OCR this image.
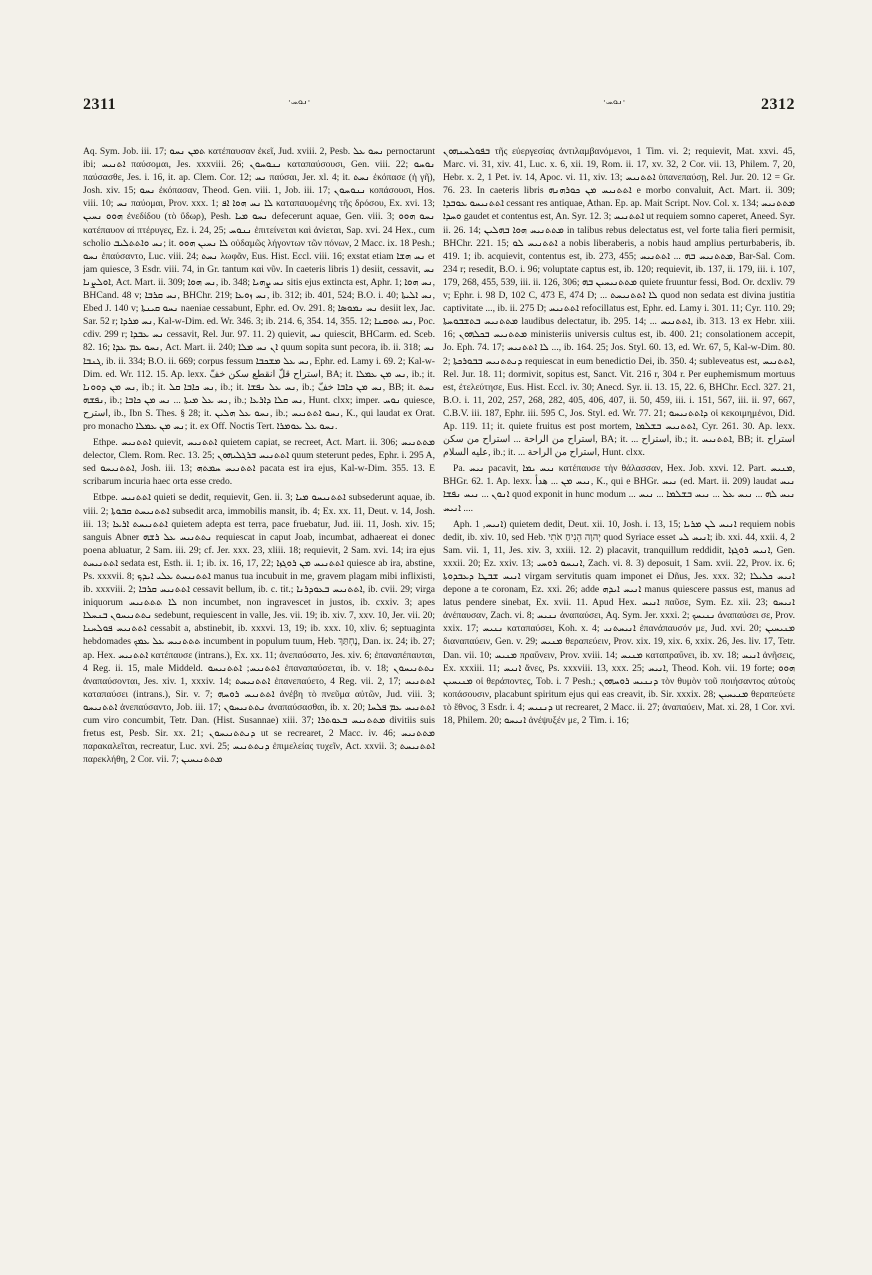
2311	·ܢܘܚ·	·ܢܘܚ·	2312

Aq. Sym. Job. iii. 17; ܬܡܢ ܢܚܘ κατέπαυσαν ἐκεῖ, Jud. xviii. 2, Pesb. ܢܚܘ ܥܠ pernoctarunt ibi; ܐܬܢܝܚ παύσομαι, Jes. xxxviii. 26; ܢܢܘܚܘܢ καταπαύσουσι, Gen. viii. 22; ܢܘܚܘ παύσασθε, Jes. i. 16, it. ap. Clem. Cor. 12; ܢܚ παύσαι, Jer. xl. 4; it. ܢܚܬ ἐκόπασε (ἡ γῆ), Josh. xiv. 15; ܢܚܘ ἐκόπασαν, Theod. Gen. viii. 1, Job. iii. 17; ܢܢܘܚܘܢ κοπάσουσι, Hos. viii. 10; ܢܚ παύομαι, Prov. xxx. 1; ܠܐ ܢܚ ܗܘܐ ܐܦ καταπαυομένης τῆς δρόσου, Ex. xvi. 13; ܗܘܘ ܢܚܝܢ ἐνεδίδου (τὸ ὕδωρ), Pesh. ܢܚܘ ܡܝܐ defecerunt aquae, Gen. viii. 3; ܢܚܘ ܗܘܘ κατέπαυον αἱ πτέρυγες, Ez. i. 24, 25; ܢܢܘܚ ἐπιτείνεται καὶ ἀνίεται, Sap. xvi. 24 Hex., cum scholio ܢܚ ܘܐܬܬܠܝܒ; it. ܠܐ ܢܚܝܢ ܗܘܘ οὐδαμῶς λήγοντων τῶν πόνων, 2 Macc. ix. 18 Pesh.; ܢܚܘ ἐπαύσαντο, Luc. viii. 24; ܢܚܬ λωφᾶν, Eus. Hist. Eccl. viii. 16; exstat etiam ܢܚ ܗܫܐ et jam quiesce, 3 Esdr. viii. 74, in Gr. tantum καὶ νῦν. In caeteris libris 1) desiit, cessavit, ܢܚ ܐܘܠܨܢܐ, Act. Mart. ii. 309; ܢܚ ܗܘܐ, ib. 348; ܢܚ ܨܗܝܐ sitis ejus extincta est, Aphr. 1; ܢܚ ܗܘܐ, BHCand. 48 v; ܢܚ ܩܪܒܐ, BHChr. 219; ܢܚ ܙܘܥܐ, ib. 312; ib. 401, 524; B.O. i. 40; ܢܚ ܐܠܝܬܐ, Ebed J. 140 v; ܢܚܘ ܩܝܢܬܐ naeniae cessabunt, Ephr. ed. Ov. 291. 8; ܢܚ ܢܡܘܣܐ desiit lex, Jac. Sar. 52 r; ܢܚ ܡܪܕܐ, Kal-w-Dim. ed. Wr. 346. 3; ib. 214. 6, 354. 14, 355. 12; ܢܚ ܬܘܩܢܐ, Poc. cdiv. 299 r; ܢܚ ܥܒܕܐ cessavit, Rel. Jur. 97. 11. 2) quievit, ܢܚ quiescit, BHCarm. ed. Sceb. 82. 16; ܢܚܘ ܥܡ ܥܕܐ, Act. Mart. ii. 240; ܐܢ ܢܚ ܡܠܐ quum sopita sunt pecora, ib. ii. 318; ܢܚ ܓܢܒܐ, ib. ii. 334; B.O. ii. 669; corpus fessum ܢܚ ܥܠ ܡܫܟܒܐ, Ephr. ed. Lamy i. 69. 2; Kal-w-Dim. ed. Wr. 112. 15. Ap. lexx. استراح قلّ انقطع سكن خفّ, BA; it. ܢܚ ܡܢ ܥܡܠܐ, ib.; it. ܢܚ ܡܢ ܕܘܘܢܐ, ib.; it. ܢܚ ܟܐܒܐ ܩܠ, ib.; it. ܢܚ ܥܠ ܢܦܫܐ, ib.; ܢܚ ܡܢ ܟܐܒܐ خفّ, BB; it. ܢܚܬ ܢܦܫܗ, ib.; ܢܚ ܥܠ ܡܝܬܐ ... ܢܚ ܡܢ ܟܐܒܐ, ib.; ܢܚ ܩܠܐ ܕܐܪܥܐ, Hunt. clxx; imper. ܢܘܚ quiesce, استرح, ib., Ibn S. Thes. § 28; it. ܢܚܘ ܥܠ ܗܠܝܢ, ib.; ܢܚܘ ܐܬܬܢܝܚ, K., qui laudat ex Orat. pro monacho ܢܚ ܡܢ ܥܡܠܐ; it. ex Off. Noctis Tert. ܢܚܘ ܥܠ ܥܘܡܪܐ.

Ethpe. ܐܬܬܢܝܚ quievit, ܐܬܬܢܝܚ quietem capiat, se recreet, Act. Mart. ii. 306; ܡܬܬܢܝܚ delector, Clem. Rom. Rec. 13. 25; ܐܬܬܢܝܚ ܒܪܓܠܝܗܘܢ quum steterunt pedes, Ephr. i. 295 A, sed ܐܬܬܢܝܚܘ, Josh. iii. 13; ܐܬܬܢܝܚ ܚܡܬܗ pacata est ira ejus, Kal-w-Dim. 355. 13. E scribarum incuria haec orta esse credo.

Etbpe. ܐܬܬܢܝܚ quieti se dedit, requievit, Gen. ii. 3; ܐܬܬܢܝܚܘ ܡܝܐ subsederunt aquae, ib. viii. 2; ܐܬܬܢܝܚܬ ܩܒܘܬܐ subsedit arca, immobilis mansit, ib. 4; Ex. xx. 11, Deut. v. 14, Josh. iii. 13; ܐܬܬܢܝܚܬ ܐܪܥܐ quietem adepta est terra, pace fruebatur, Jud. iii. 11, Josh. xiv. 15; sanguis Abner ܢܬܬܢܝܚ ܥܠ ܪܫܗ requiescat in caput Joab, incumbat, adhaereat ei donec poena abluatur, 2 Sam. iii. 29; cf. Jer. xxx. 23, xliii. 18; requievit, 2 Sam. xvi. 14; ira ejus ܐܬܬܢܝܚܬ sedata est, Esth. ii. 1; ib. ix. 16, 17, 22; ܐܬܬܢܝܚ ܡܢ ܪܘܓܙܐ quiesce ab ira, abstine, Ps. xxxvii. 8; ܐܬܬܢܝܚܬ ܥܠܝ ܐܝܕܟ manus tua incubuit in me, gravem plagam mibi inflixisti, ib. xxxviii. 2; ܐܬܬܢܝܚ ܩܪܒܐ cessavit bellum, ib. c. tit.; ܐܬܬܢܝܚ ܒܥܘܕܪܢܐ, ib. cvii. 29; virga iniquorum ܠܐ ܬܬܬܢܝܚ non incumbet, non ingravescet in justos, ib. cxxiv. 3; apes ܢܬܬܢܝܚܘܢ ܒܢܚܠܐ sedebunt, requiescent in valle, Jes. vii. 19; ib. xiv. 7, xxv. 10, Jer. vii. 20; ܐܬܬܢܝܚ ܦܘܠܚܢܐ cessabit a, abstinebit, ib. xxxvi. 13, 19; ib. xxx. 10, xliv. 6; septuaginta hebdomades ܬܬܬܢܝܚ ܥܠ ܥܡܟ incumbent in populum tuum, Heb. נֶחְתַּךְ, Dan. ix. 24; ib. 27; ap. Hex. ܐܬܬܢܝܚ κατέπαυσε (intrans.), Ex. xx. 11; ἀνεπαύσατο, Jes. xiv. 6; ἐπαναπέπαυται, 4 Reg. ii. 15, male Middeld. ܐܬܬܢܝܚ; ܐܬܬܢܝܚܘ ἐπαναπαύσεται, ib. v. 18; ܢܬܬܢܝܚܘܢ ἀναπαύσονται, Jes. xiv. 1, xxxiv. 14; ܐܬܬܢܝܚܬ ἐπανεπαύετο, 4 Reg. vii. 2, 17; ܐܬܬܢܝܚ καταπαύσει (intrans.), Sir. v. 7; ܐܬܬܢܝܚ ܪܘܚܗ ἀνέβη τὸ πνεῦμα αὐτῶν, Jud. viii. 3; ܐܬܬܢܝܚܘ ἀνεπαύσαντο, Job. iii. 17; ܢܬܬܢܝܚܘܢ ἀναπαύσασθαι, ib. x. 20; ܐܬܬܢܝܚ ܥܡ ܦܠܚܐ cum viro concumbit, Tetr. Dan. (Hist. Susannae) xiii. 37; ܡܬܬܢܝܚ ܒܥܘܬܪܐ divitiis suis fretus est, Pesb. Sir. xx. 21; ܕܢܬܬܢܝܚܘܢ ut se recrearet, 2 Macc. iv. 46; ܡܬܬܢܝܚ παρακαλεῖται, recreatur, Luc. xvi. 25; ܕܢܬܬܢܝܚ ἐπιμελείας τυχεῖν, Act. xxvii. 3; ܐܬܬܢܝܚܬ παρεκλήθη, 2 Cor. vii. 7; ܡܬܬܢܝܚܝܢ

ܒܦܘܠܚܢܗܘܢ τῆς εὐεργεσίας ἀντιλαμβανόμενοι, 1 Tim. vi. 2; requievit, Mat. xxvi. 45, Marc. vi. 31, xiv. 41, Luc. x. 6, xii. 19, Rom. ii. 17, xv. 32, 2 Cor. vii. 13, Philem. 7, 20, Hebr. x. 2, 1 Pet. iv. 14, Apoc. vi. 11, xiv. 13; ܐܬܬܢܝܚ ὑπανεπαύσῃ, Rel. Jur. 20. 12 = Gr. 76. 23. In caeteris libris ܐܬܬܢܝܚ ܡܢ ܟܘܪܗܢܗ e morbo convaluit, Act. Mart. ii. 309; ܐܬܬܢܝܚܘ ܥܘܒܕܐ cessant res antiquae, Athan. Ep. ap. Mait Script. Nov. Col. x. 134; ܡܬܬܢܝܚ ܘܚܕܐ gaudet et contentus est, An. Syr. 12. 3; ܐܬܬܢܝܚ ut requiem somno caperet, Aneed. Syr. ii. 26. 14; ܡܬܬܢܝܚ ܗܘܐ ܒܗܠܝܢ in talibus rebus delectatus est, vel forte talia fieri permisit, BHChr. 221. 15; ܐܬܬܢܝܚ ܠܘ a nobis liberaberis, a nobis haud amplius perturbaberis, ib. 419. 1; ib. acquievit, contentus est, ib. 273, 455; ܡܬܬܢܝܚ ܒܗ ... ܐܬܬܢܝܚ, Bar-Sal. Com. 234 r; resedit, B.O. i. 96; voluptate captus est, ib. 120; requievit, ib. 137, ii. 179, iii. i. 107, 179, 268, 455, 539, iii. ii. 126, 306; ܡܬܬܢܝܚܝܢ ܒܗ quiete fruuntur fessi, Bod. Or. dcxliv. 79 v; Ephr. i. 98 D, 102 C, 473 E, 474 D; ... ܠܐ ܐܬܬܢܝܚܬ quod non sedata est divina justitia captivitate ..., ib. ii. 275 D; ܐܬܬܢܝܚ refocillatus est, Ephr. ed. Lamy i. 301. 11; Cyr. 110. 29; ܡܬܬܢܝܚ ܒܬܫܒܘܚܬܐ laudibus delectatur, ib. 295. 14; ... ܐܬܬܢܝܚ, ib. 313. 13 ex Hebr. xiii. 16; ܡܬܬܢܝܚ ܒܟܠܗܘܢ ministeriis universis cultus est, ib. 400. 21; consolationem accepit, Jo. Eph. 74. 17; ܠܐ ܐܬܬܢܝܚ ..., ib. 164. 25; Jos. Styl. 60. 13, ed. Wr. 67, 5, Kal-w-Dim. 80. 2; ܕܢܬܬܢܝܚ ܒܒܘܪܟܬܐ requiescat in eum benedictio Dei, ib. 350. 4; subleveatus est, ܐܬܬܢܝܚ, Rel. Jur. 18. 11; dormivit, sopitus est, Sanct. Vit. 216 r, 304 r. Per euphemismum mortuus est, ἐτελεύτησε, Eus. Hist. Eccl. iv. 30; Anecd. Syr. ii. 13. 15, 22. 6, BHChr. Eccl. 327. 21, B.O. i. 11, 202, 257, 268, 282, 405, 406, 407, ii. 50, 459, iii. i. 151, 567, iii. ii. 97, 667, C.B.V. iii. 187, Ephr. iii. 595 C, Jos. Styl. ed. Wr. 77. 21; ܕܐܬܬܢܝܚܘ οἱ κεκοιμημένοι, Did. Ap. 119. 11; it. quiete fruitus est post mortem, ܐܬܬܢܝܚ ܒܫܠܡܐ, Cyr. 261. 30. Ap. lexx. استراح من الراحة ... استراح من سكن, BA; it. ... استراح, ib.; it. ܐܬܬܢܝܚ, BB; it. استراح عليه السلام, ib.; it. ... استراح من الراحة, Hunt. clxx.

Pa. ܢܝܚ pacavit, ܢܝܚ ܝܡܐ κατέπαυσε τὴν θάλασσαν, Hex. Job. xxvi. 12. Part. ܡܢܝܚ, BHGr. 62. 1. Ap. lexx. ܢܝܚ ܡܢ ... هدأ, K., qui e BHGr. ܢܝܚ (ed. Mart. ii. 209) laudat ܢܝܚ ܐܢܘܢ ... ܢܝܚ ܢܦܫܐ quod exponit in hunc modum ... ܢܝܚ ܠܗ ... ܢܝܚ ܥܠ ... ܢܝܚ ܒܫܠܡܐ ... ܢܝܚ ... ܐܢܝܚ.

Aph. ܐܢܝܚ, 1) quietem dedit, Deut. xii. 10, Josh. i. 13, 15; ܐܢܝܚ ܠܢ ܡܪܝܐ requiem nobis dedit, ib. xiv. 10, sed Heb. יְהוָה הֵנִיחַ אֹתִי quod Syriace esset ܐܢܝܚ ܠܝ; ib. xxi. 44, xxii. 4, 2 Sam. vii. 1, 11, Jes. xiv. 3, xxiii. 12. 2) placavit, tranquillum reddidit, ܐܢܝܚ ܪܘܓܙܐ, Gen. xxxii. 20; Ez. xxiv. 13; ܐܢܝܚܘ ܪܘܚܝ, Zach. vi. 8. 3) deposuit, 1 Sam. xvii. 22, Prov. ix. 6; ܐܢܝܚ ܫܒܛܐ ܕܥܒܕܘܬܐ virgam servitutis quam imponet ei Dñus, Jes. xxx. 32; ܐܢܝܚ ܟܠܝܠܐ depone a te coronam, Ez. xxi. 26; adde ܐܢܝܚ ܐܝܕܗ manus quiescere passus est, manus ad latus pendere sinebat, Ex. xvii. 11. Apud Hex. ܐܢܝܚ παῦσε, Sym. Ez. xii. 23; ܐܢܝܚܘ ἀνέπαυσαν, Zach. vi. 8; ܢܢܝܚ ἀναπαύσει, Aq. Sym. Jer. xxxi. 2; ܢܢܝܚܟ ἀναπαύσει σε, Prov. xxix. 17; ܢܢܝܚ καταπαύσει, Koh. x. 4; ܐܢܝܚܬܢܝ ἐπανάπαυσόν με, Jud. xvi. 20; ܡܢܝܚܝܢ διαναπαύειν, Gen. v. 29; ܡܢܝܚ θεραπεύειν, Prov. xix. 19, xix. 6, xxix. 26, Jes. liv. 17, Tetr. Dan. vii. 10; ܡܢܝܚ πραΰνειν, Prov. xviii. 14; ܡܢܝܚ καταπραΰνει, ib. xv. 18; ܐܢܝܚ ἀνῆσεις, Ex. xxxiii. 11; ܐܢܝܚ ἄνες, Ps. xxxviii. 13, xxx. 25; ܐܢܝܚ, Theod. Koh. vii. 19 forte; ܗܘܘ ܡܢܝܚܝܢ οἱ θεράποντες, Tob. i. 7 Pesh.; ܕܢܢܝܚ ܪܘܚܗܘܢ τὸν θυμὸν τοῦ ποιήσαντος αὐτοὺς κοπάσουσιν, placabunt spiritum ejus qui eas creavit, ib. Sir. xxxix. 28; ܡܢܝܚܝܢ θεραπεύετε τὸ ἔθνος, 3 Esdr. i. 4; ܕܢܢܝܚ ut recrearet, 2 Macc. ii. 27; ἀναπαύειν, Mat. xi. 28, 1 Cor. xvi. 18, Philem. 20; ܐܢܝܚܘ ἀνέψυξέν με, 2 Tim. i. 16;
